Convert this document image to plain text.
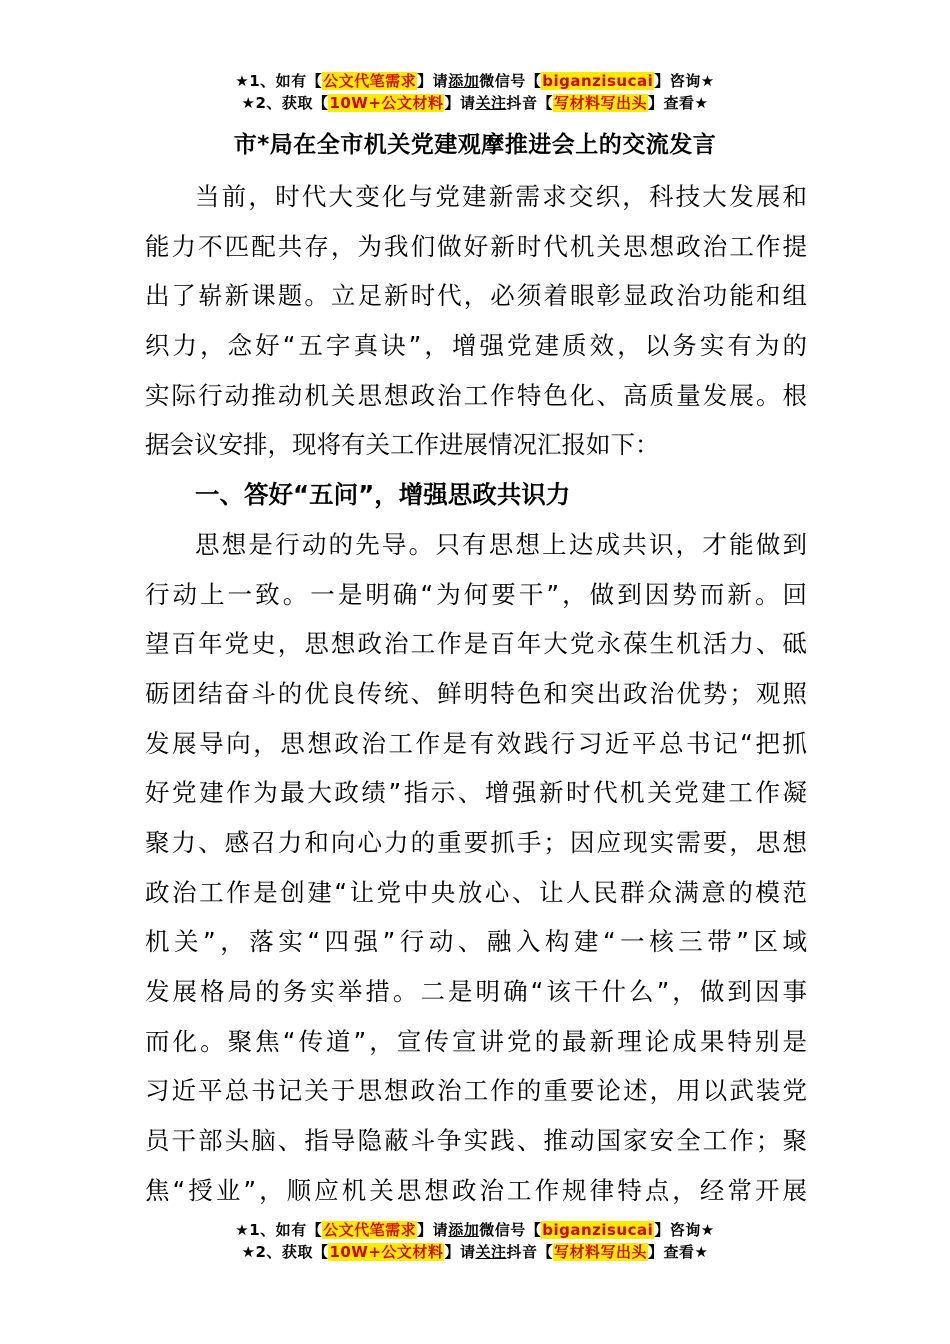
★1、如有【公文代笔需求】请添加微信号【biganzisucai】咨询★
★2、获取【10W+公文材料】请关注抖音【写材料写出头】查看★
市*局在全市机关党建观摩推进会上的交流发言
当前，时代大变化与党建新需求交织，科技大发展和
能力不匹配共存，为我们做好新时代机关思想政治工作提
出了崭新课题。立足新时代，必须着眼彰显政治功能和组
织力，念好“五字真诀”，增强党建质效，以务实有为的
实际行动推动机关思想政治工作特色化、高质量发展。根
据会议安排，现将有关工作进展情况汇报如下：
一、答好“五问”，增强思政共识力
思想是行动的先导。只有思想上达成共识，才能做到
行动上一致。一是明确“为何要干”，做到因势而新。回
望百年党史，思想政治工作是百年大党永葆生机活力、砥
砺团结奋斗的优良传统、鲜明特色和突出政治优势；观照
发展导向，思想政治工作是有效践行习近平总书记“把抓
好党建作为最大政绩”指示、增强新时代机关党建工作凝
聚力、感召力和向心力的重要抓手；因应现实需要，思想
政治工作是创建“让党中央放心、让人民群众满意的模范
机关”，落实“四强”行动、融入构建“一核三带”区域
发展格局的务实举措。二是明确“该干什么”，做到因事
而化。聚焦“传道”，宣传宣讲党的最新理论成果特别是
习近平总书记关于思想政治工作的重要论述，用以武装党
员干部头脑、指导隐蔽斗争实践、推动国家安全工作；聚
焦“授业”，顺应机关思想政治工作规律特点，经常开展
★1、如有【公文代笔需求】请添加微信号【biganzisucai】咨询★
★2、获取【10W+公文材料】请关注抖音【写材料写出头】查看★
